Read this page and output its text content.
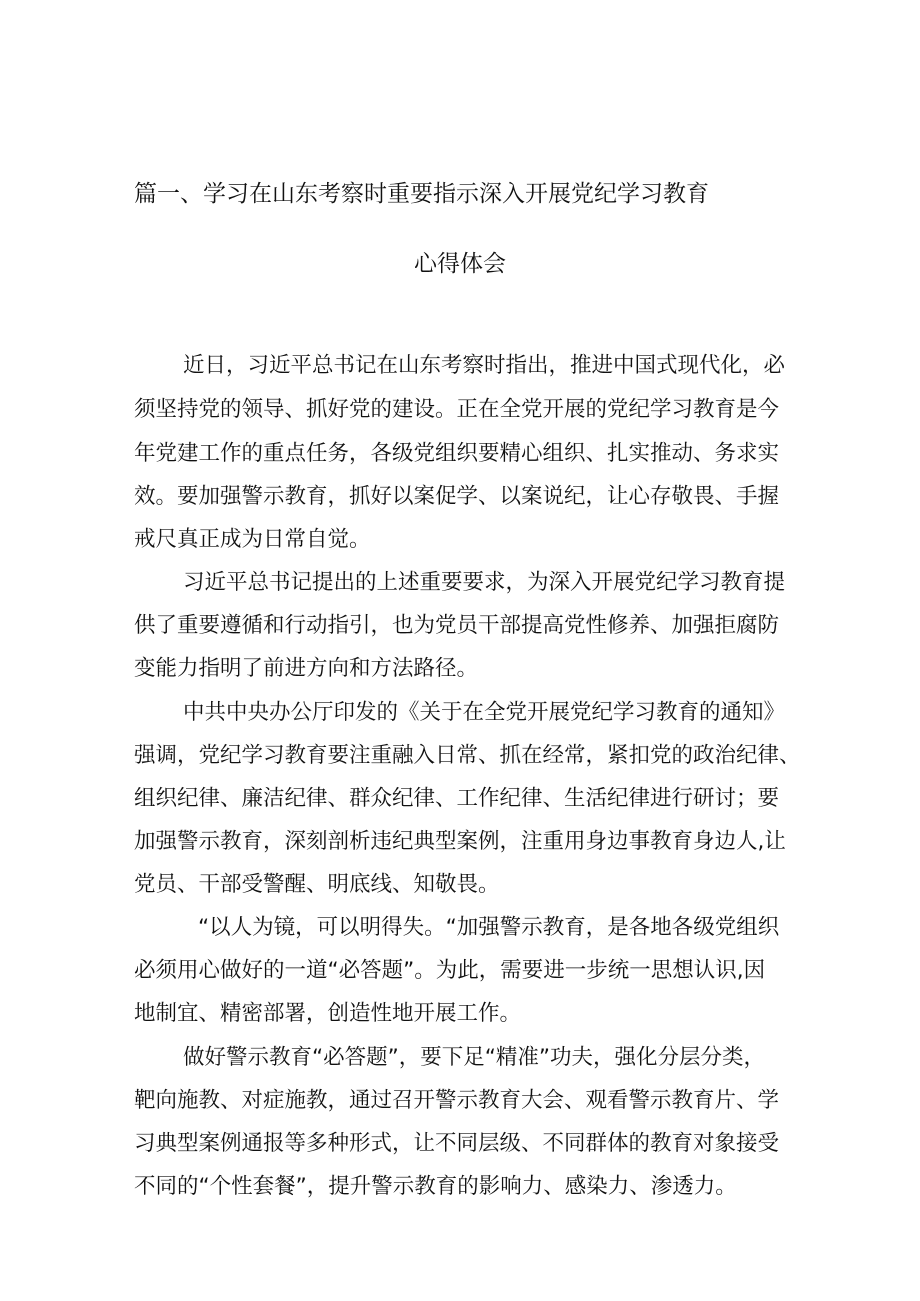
篇一、学习在山东考察时重要指示深入开展党纪学习教育
心得体会
近日，习近平总书记在山东考察时指出，推进中国式现代化，必
须坚持党的领导、抓好党的建设。正在全党开展的党纪学习教育是今
年党建工作的重点任务，各级党组织要精心组织、扎实推动、务求实
效。要加强警示教育，抓好以案促学、以案说纪，让心存敬畏、手握
戒尺真正成为日常自觉。
习近平总书记提出的上述重要要求，为深入开展党纪学习教育提
供了重要遵循和行动指引，也为党员干部提高党性修养、加强拒腐防
变能力指明了前进方向和方法路径。
中共中央办公厅印发的《关于在全党开展党纪学习教育的通知》
强调，党纪学习教育要注重融入日常、抓在经常，紧扣党的政治纪律、
组织纪律、廉洁纪律、群众纪律、工作纪律、生活纪律进行研讨；要
加强警示教育，深刻剖析违纪典型案例，注重用身边事教育身边人,让
党员、干部受警醒、明底线、知敬畏。
“以人为镜，可以明得失。“加强警示教育，是各地各级党组织
必须用心做好的一道“必答题”。为此，需要进一步统一思想认识,因
地制宜、精密部署，创造性地开展工作。
做好警示教育“必答题”，要下足“精准”功夫，强化分层分类，
靶向施教、对症施教，通过召开警示教育大会、观看警示教育片、学
习典型案例通报等多种形式，让不同层级、不同群体的教育对象接受
不同的“个性套餐”，提升警示教育的影响力、感染力、渗透力。
